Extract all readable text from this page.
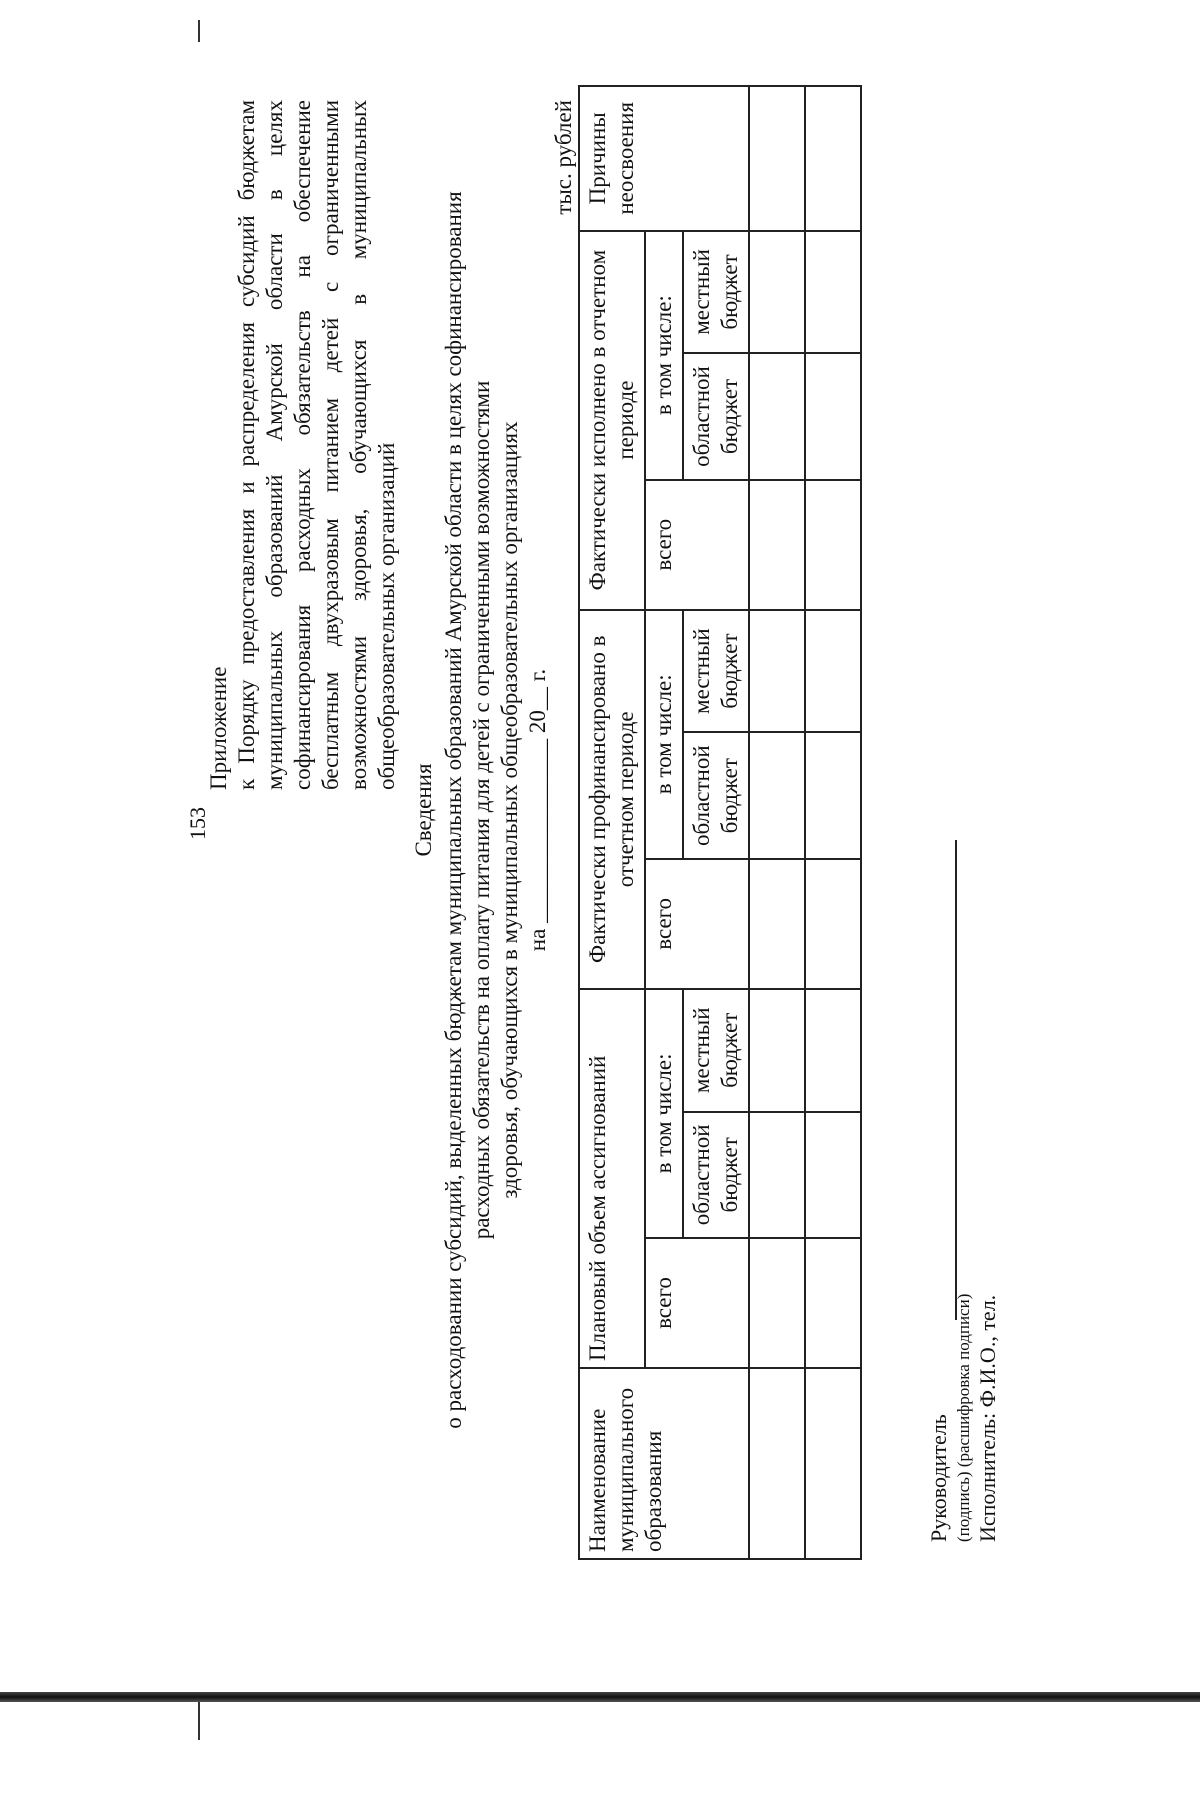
153
Приложение к Порядку предоставления и распределения субсидий бюджетам муниципальных образований Амурской области в целях софинансирования расходных обязательств на обеспечение бесплатным двухразовым питанием детей с ограниченными возможностями здоровья, обучающихся в муниципальных общеобразовательных организаций
Сведения о расходовании субсидий, выделенных бюджетам муниципальных образований Амурской области в целях софинансирования расходных обязательств на оплату питания для детей с ограниченными возможностями здоровья, обучающихся в муниципальных общеобразовательных организациях на ________________ 20__ г.
тыс. рублей
Наименование муниципального образования	Плановый объем ассигнований			Фактически профинансировано в отчетном периоде			Фактически исполнено в отчетном периоде			Причины неосвоения
	всего	в том числе:		всего	в том числе:		всего	в том числе:		
		областной бюджет	местный бюджет		областной бюджет	местный бюджет		областной бюджет	местный бюджет	

Руководитель (подпись) (расшифровка подписи) Исполнитель: Ф.И.О., тел.
